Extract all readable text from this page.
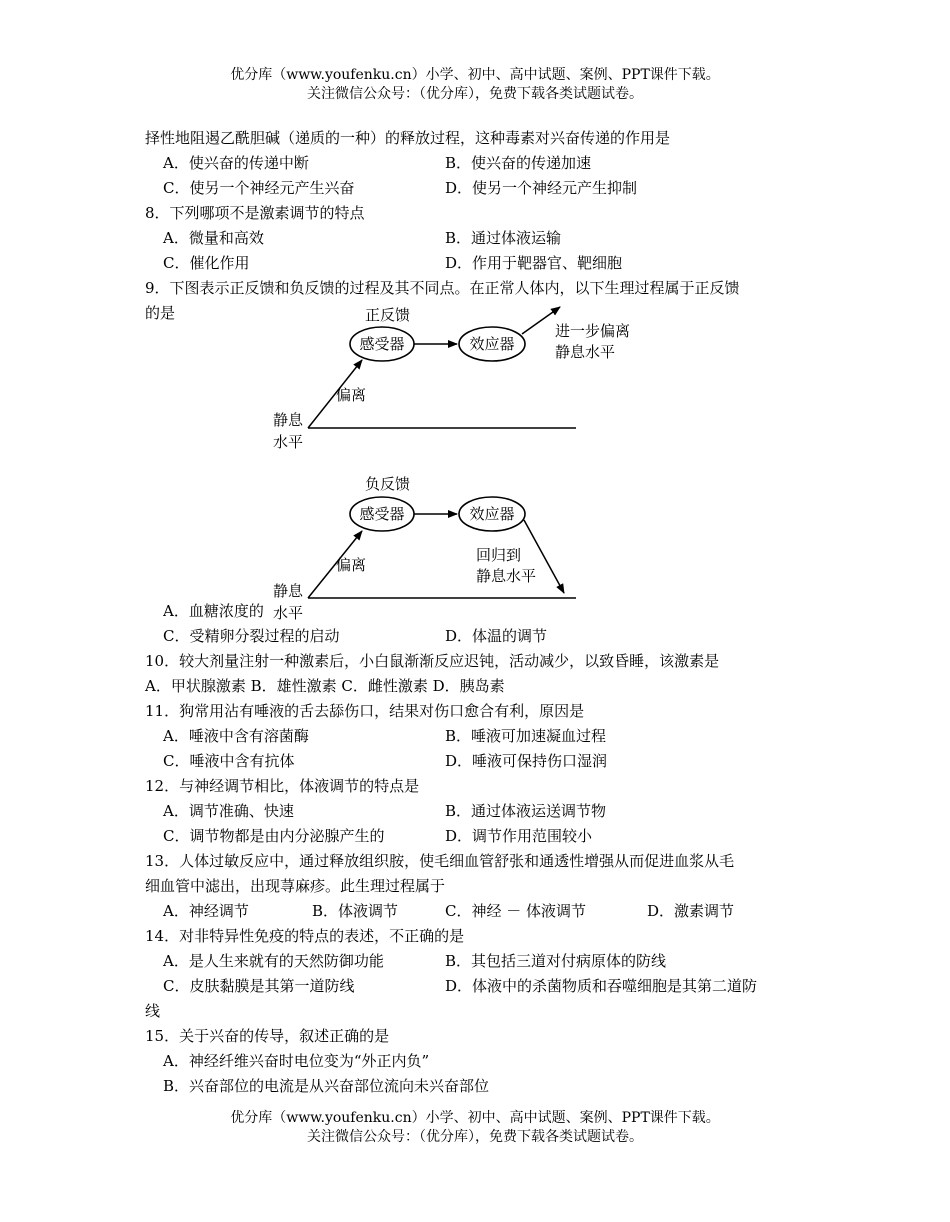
优分库（www.youfenku.cn）小学、初中、高中试题、案例、PPT课件下载。
关注微信公众号：（优分库），免费下载各类试题试卷。
择性地阻遏乙酰胆碱（递质的一种）的释放过程，这种毒素对兴奋传递的作用是
A．使兴奋的传递中断	B．使兴奋的传递加速
C．使另一个神经元产生兴奋	D．使另一个神经元产生抑制
8．下列哪项不是激素调节的特点
A．微量和高效	B．通过体液运输
C．催化作用	D．作用于靶器官、靶细胞
9．下图表示正反馈和负反馈的过程及其不同点。在正常人体内，以下生理过程属于正反馈
的是	正反馈
感受器	效应器
进一步偏离
静息水平
偏离
静息
水平
负反馈
感受器	效应器
回归到
静息水平
偏离
静息
水平
A．血糖浓度的
C．受精卵分裂过程的启动	D．体温的调节
10．较大剂量注射一种激素后，小白鼠渐渐反应迟钝，活动减少，以致昏睡，该激素是
A．甲状腺激素 B．雄性激素 C．雌性激素 D．胰岛素
11．狗常用沾有唾液的舌去舔伤口，结果对伤口愈合有利，原因是
A．唾液中含有溶菌酶	B．唾液可加速凝血过程
C．唾液中含有抗体	D．唾液可保持伤口湿润
12．与神经调节相比，体液调节的特点是
A．调节准确、快速	B．通过体液运送调节物
C．调节物都是由内分泌腺产生的	D．调节作用范围较小
13．人体过敏反应中，通过释放组织胺，使毛细血管舒张和通透性增强从而促进血浆从毛
细血管中滤出，出现荨麻疹。此生理过程属于
A．神经调节	B．体液调节	C．神经 － 体液调节	D．激素调节
14．对非特异性免疫的特点的表述，不正确的是
A．是人生来就有的天然防御功能	B．其包括三道对付病原体的防线
C．皮肤黏膜是其第一道防线	D．体液中的杀菌物质和吞噬细胞是其第二道防
线
15．关于兴奋的传导，叙述正确的是
A．神经纤维兴奋时电位变为“外正内负”
B．兴奋部位的电流是从兴奋部位流向未兴奋部位
优分库（www.youfenku.cn）小学、初中、高中试题、案例、PPT课件下载。
关注微信公众号：（优分库），免费下载各类试题试卷。
